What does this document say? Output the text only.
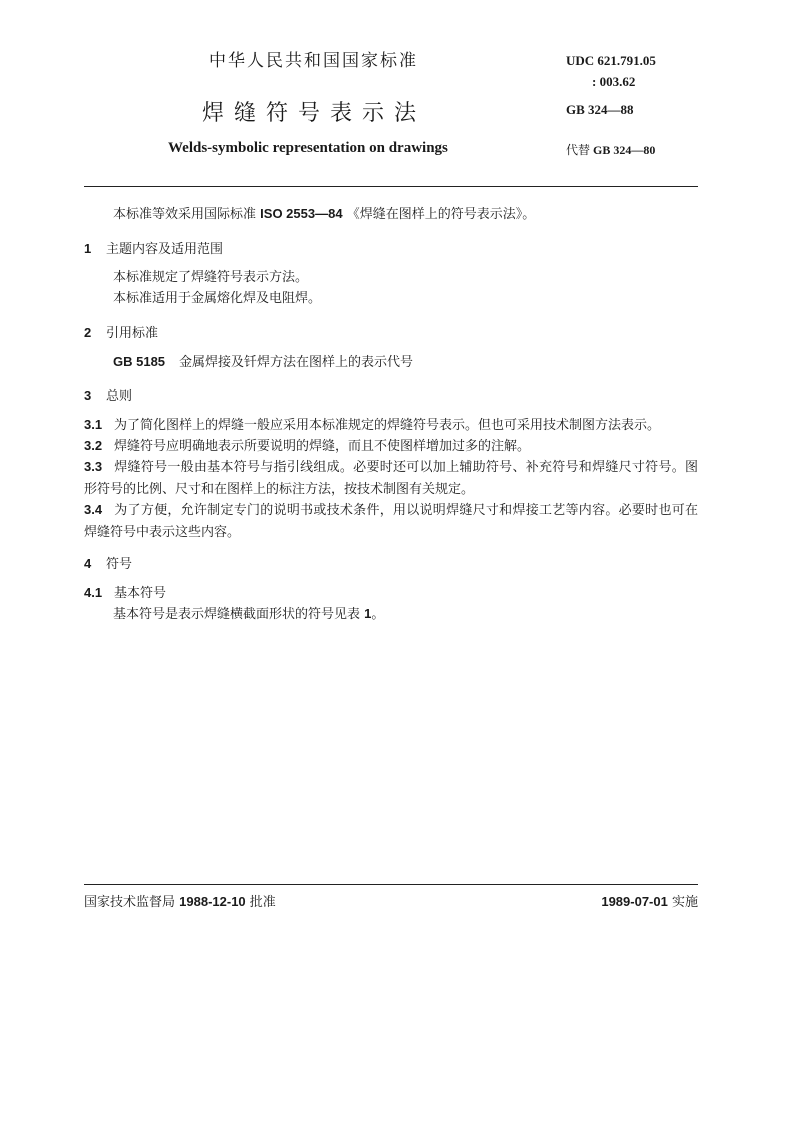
中华人民共和国国家标准
焊缝符号表示法
Welds-symbolic representation on drawings
UDC 621.791.05
: 003.62
GB 324—88
代替 GB 324—80
本标准等效采用国际标准 ISO 2553—84 《焊缝在图样上的符号表示法》。
1 主题内容及适用范围
本标准规定了焊缝符号表示方法。
本标准适用于金属熔化焊及电阻焊。
2 引用标准
GB 5185 金属焊接及钎焊方法在图样上的表示代号
3 总则
3.1 为了简化图样上的焊缝一般应采用本标准规定的焊缝符号表示。但也可采用技术制图方法表示。
3.2 焊缝符号应明确地表示所要说明的焊缝，而且不使图样增加过多的注解。
3.3 焊缝符号一般由基本符号与指引线组成。必要时还可以加上辅助符号、补充符号和焊缝尺寸符号。图形符号的比例、尺寸和在图样上的标注方法，按技术制图有关规定。
3.4 为了方便，允许制定专门的说明书或技术条件，用以说明焊缝尺寸和焊接工艺等内容。必要时也可在焊缝符号中表示这些内容。
4 符号
4.1 基本符号
基本符号是表示焊缝横截面形状的符号见表 1。
国家技术监督局 1988-12-10 批准	1989-07-01 实施
